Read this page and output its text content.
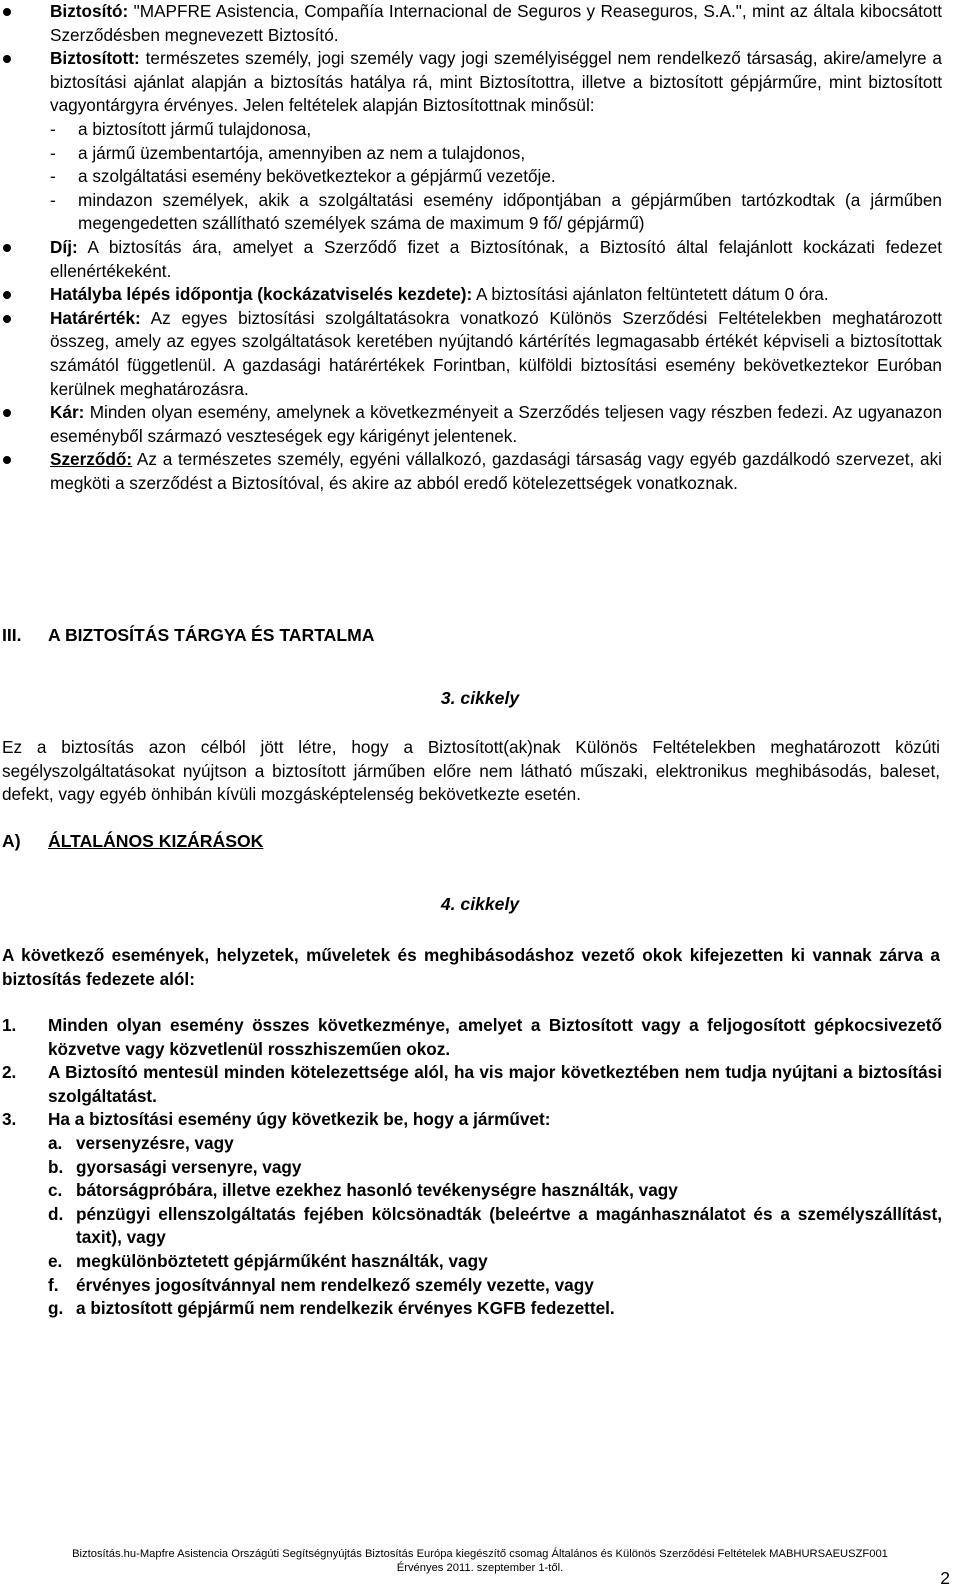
Biztosító: "MAPFRE Asistencia, Compañía Internacional de Seguros y Reaseguros, S.A.", mint az általa kibocsátott Szerződésben megnevezett Biztosító.
Biztosított: természetes személy, jogi személy vagy jogi személyiséggel nem rendelkező társaság, akire/amelyre a biztosítási ajánlat alapján a biztosítás hatálya rá, mint Biztosítottra, illetve a biztosított gépjárműre, mint biztosított vagyontárgyra érvényes. Jelen feltételek alapján Biztosítottnak minősül:
- a biztosított jármű tulajdonosa,
- a jármű üzembentartója, amennyiben az nem a tulajdonos,
- a szolgáltatási esemény bekövetkeztekor a gépjármű vezetője.
- mindazon személyek, akik a szolgáltatási esemény időpontjában a gépjárműben tartózkodtak (a járműben megengedetten szállítható személyek száma de maximum 9 fő/ gépjármű)
Díj: A biztosítás ára, amelyet a Szerződő fizet a Biztosítónak, a Biztosító által felajánlott kockázati fedezet ellenértékeként.
Hatályba lépés időpontja (kockázatviselés kezdete): A biztosítási ajánlaton feltüntetett dátum 0 óra.
Határérték: Az egyes biztosítási szolgáltatásokra vonatkozó Különös Szerződési Feltételekben meghatározott összeg, amely az egyes szolgáltatások keretében nyújtandó kártérítés legmagasabb értékét képviseli a biztosítottak számától függetlenül. A gazdasági határértékek Forintban, külföldi biztosítási esemény bekövetkeztekor Euróban kerülnek meghatározásra.
Kár: Minden olyan esemény, amelynek a következményeit a Szerződés teljesen vagy részben fedezi. Az ugyanazon eseményből származó veszteségek egy kárigényt jelentenek.
Szerződő: Az a természetes személy, egyéni vállalkozó, gazdasági társaság vagy egyéb gazdálkodó szervezet, aki megköti a szerződést a Biztosítóval, és akire az abból eredő kötelezettségek vonatkoznak.
III. A BIZTOSÍTÁS TÁRGYA ÉS TARTALMA
3. cikkely
Ez a biztosítás azon célból jött létre, hogy a Biztosított(ak)nak Különös Feltételekben meghatározott közúti segélyszolgáltatásokat nyújtson a biztosított járműben előre nem látható műszaki, elektronikus meghibásodás, baleset, defekt, vagy egyéb önhibán kívüli mozgásképtelenség bekövetkezte esetén.
A) ÁLTALÁNOS KIZÁRÁSOK
4. cikkely
A következő események, helyzetek, műveletek és meghibásodáshoz vezető okok kifejezetten ki vannak zárva a biztosítás fedezete alól:
1. Minden olyan esemény összes következménye, amelyet a Biztosított vagy a feljogosított gépkocsivezető közvetve vagy közvetlenül rosszhiszeműen okoz.
2. A Biztosító mentesül minden kötelezettsége alól, ha vis major következtében nem tudja nyújtani a biztosítási szolgáltatást.
3. Ha a biztosítási esemény úgy következik be, hogy a járművet:
a. versenyzésre, vagy
b. gyorsasági versenyre, vagy
c. bátorságpróbára, illetve ezekhez hasonló tevékenységre használták, vagy
d. pénzügyi ellenszolgáltatás fejében kölcsönadták (beleértve a magánhasználatot és a személyszállítást, taxit), vagy
e. megkülönböztetett gépjárműként használták, vagy
f. érvényes jogosítvánnyal nem rendelkező személy vezette, vagy
g. a biztosított gépjármű nem rendelkezik érvényes KGFB fedezettel.
Biztosítás.hu-Mapfre Asistencia Országúti Segítségnyújtás Biztosítás Európa kiegészítő csomag Általános és Különös Szerződési Feltételek MABHURSAEUSZF001
Érvényes 2011. szeptember 1-től.	2
